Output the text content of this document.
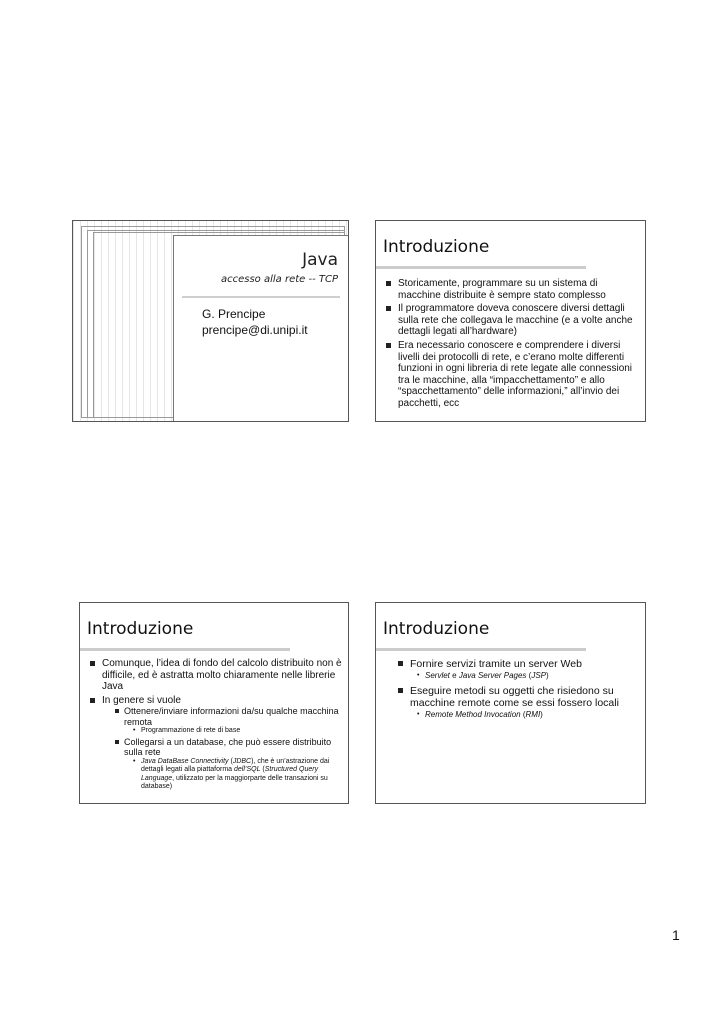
Java
accesso alla rete -- TCP
G. Prencipe
prencipe@di.unipi.it
Introduzione
Storicamente, programmare su un sistema di macchine distribuite è sempre stato complesso
Il programmatore doveva conoscere diversi dettagli sulla rete che collegava le macchine (e a volte anche dettagli legati all’hardware)
Era necessario conoscere e comprendere i diversi livelli dei protocolli di rete, e c’erano molte differenti funzioni in ogni libreria di rete legate alle connessioni tra le macchine, alla “impacchettamento” e allo “spacchettamento” delle informazioni,” all’invio dei pacchetti, ecc
Introduzione
Comunque, l’idea di fondo del calcolo distribuito non è difficile, ed è astratta molto chiaramente nelle librerie Java
In genere si vuole
Ottenere/inviare informazioni da/su qualche macchina remota
• Programmazione di rete di base
Collegarsi a un database, che può essere distribuito sulla rete
• Java DataBase Connectivity (JDBC), che è un’astrazione dai dettagli legati alla piattaforma dell’SQL (Structured Query Language, utilizzato per la maggiorparte delle transazioni su database)
Introduzione
Fornire servizi tramite un server Web
• Servlet e Java Server Pages (JSP)
Eseguire metodi su oggetti che risiedono su macchine remote come se essi fossero locali
• Remote Method Invocation (RMI)
1
